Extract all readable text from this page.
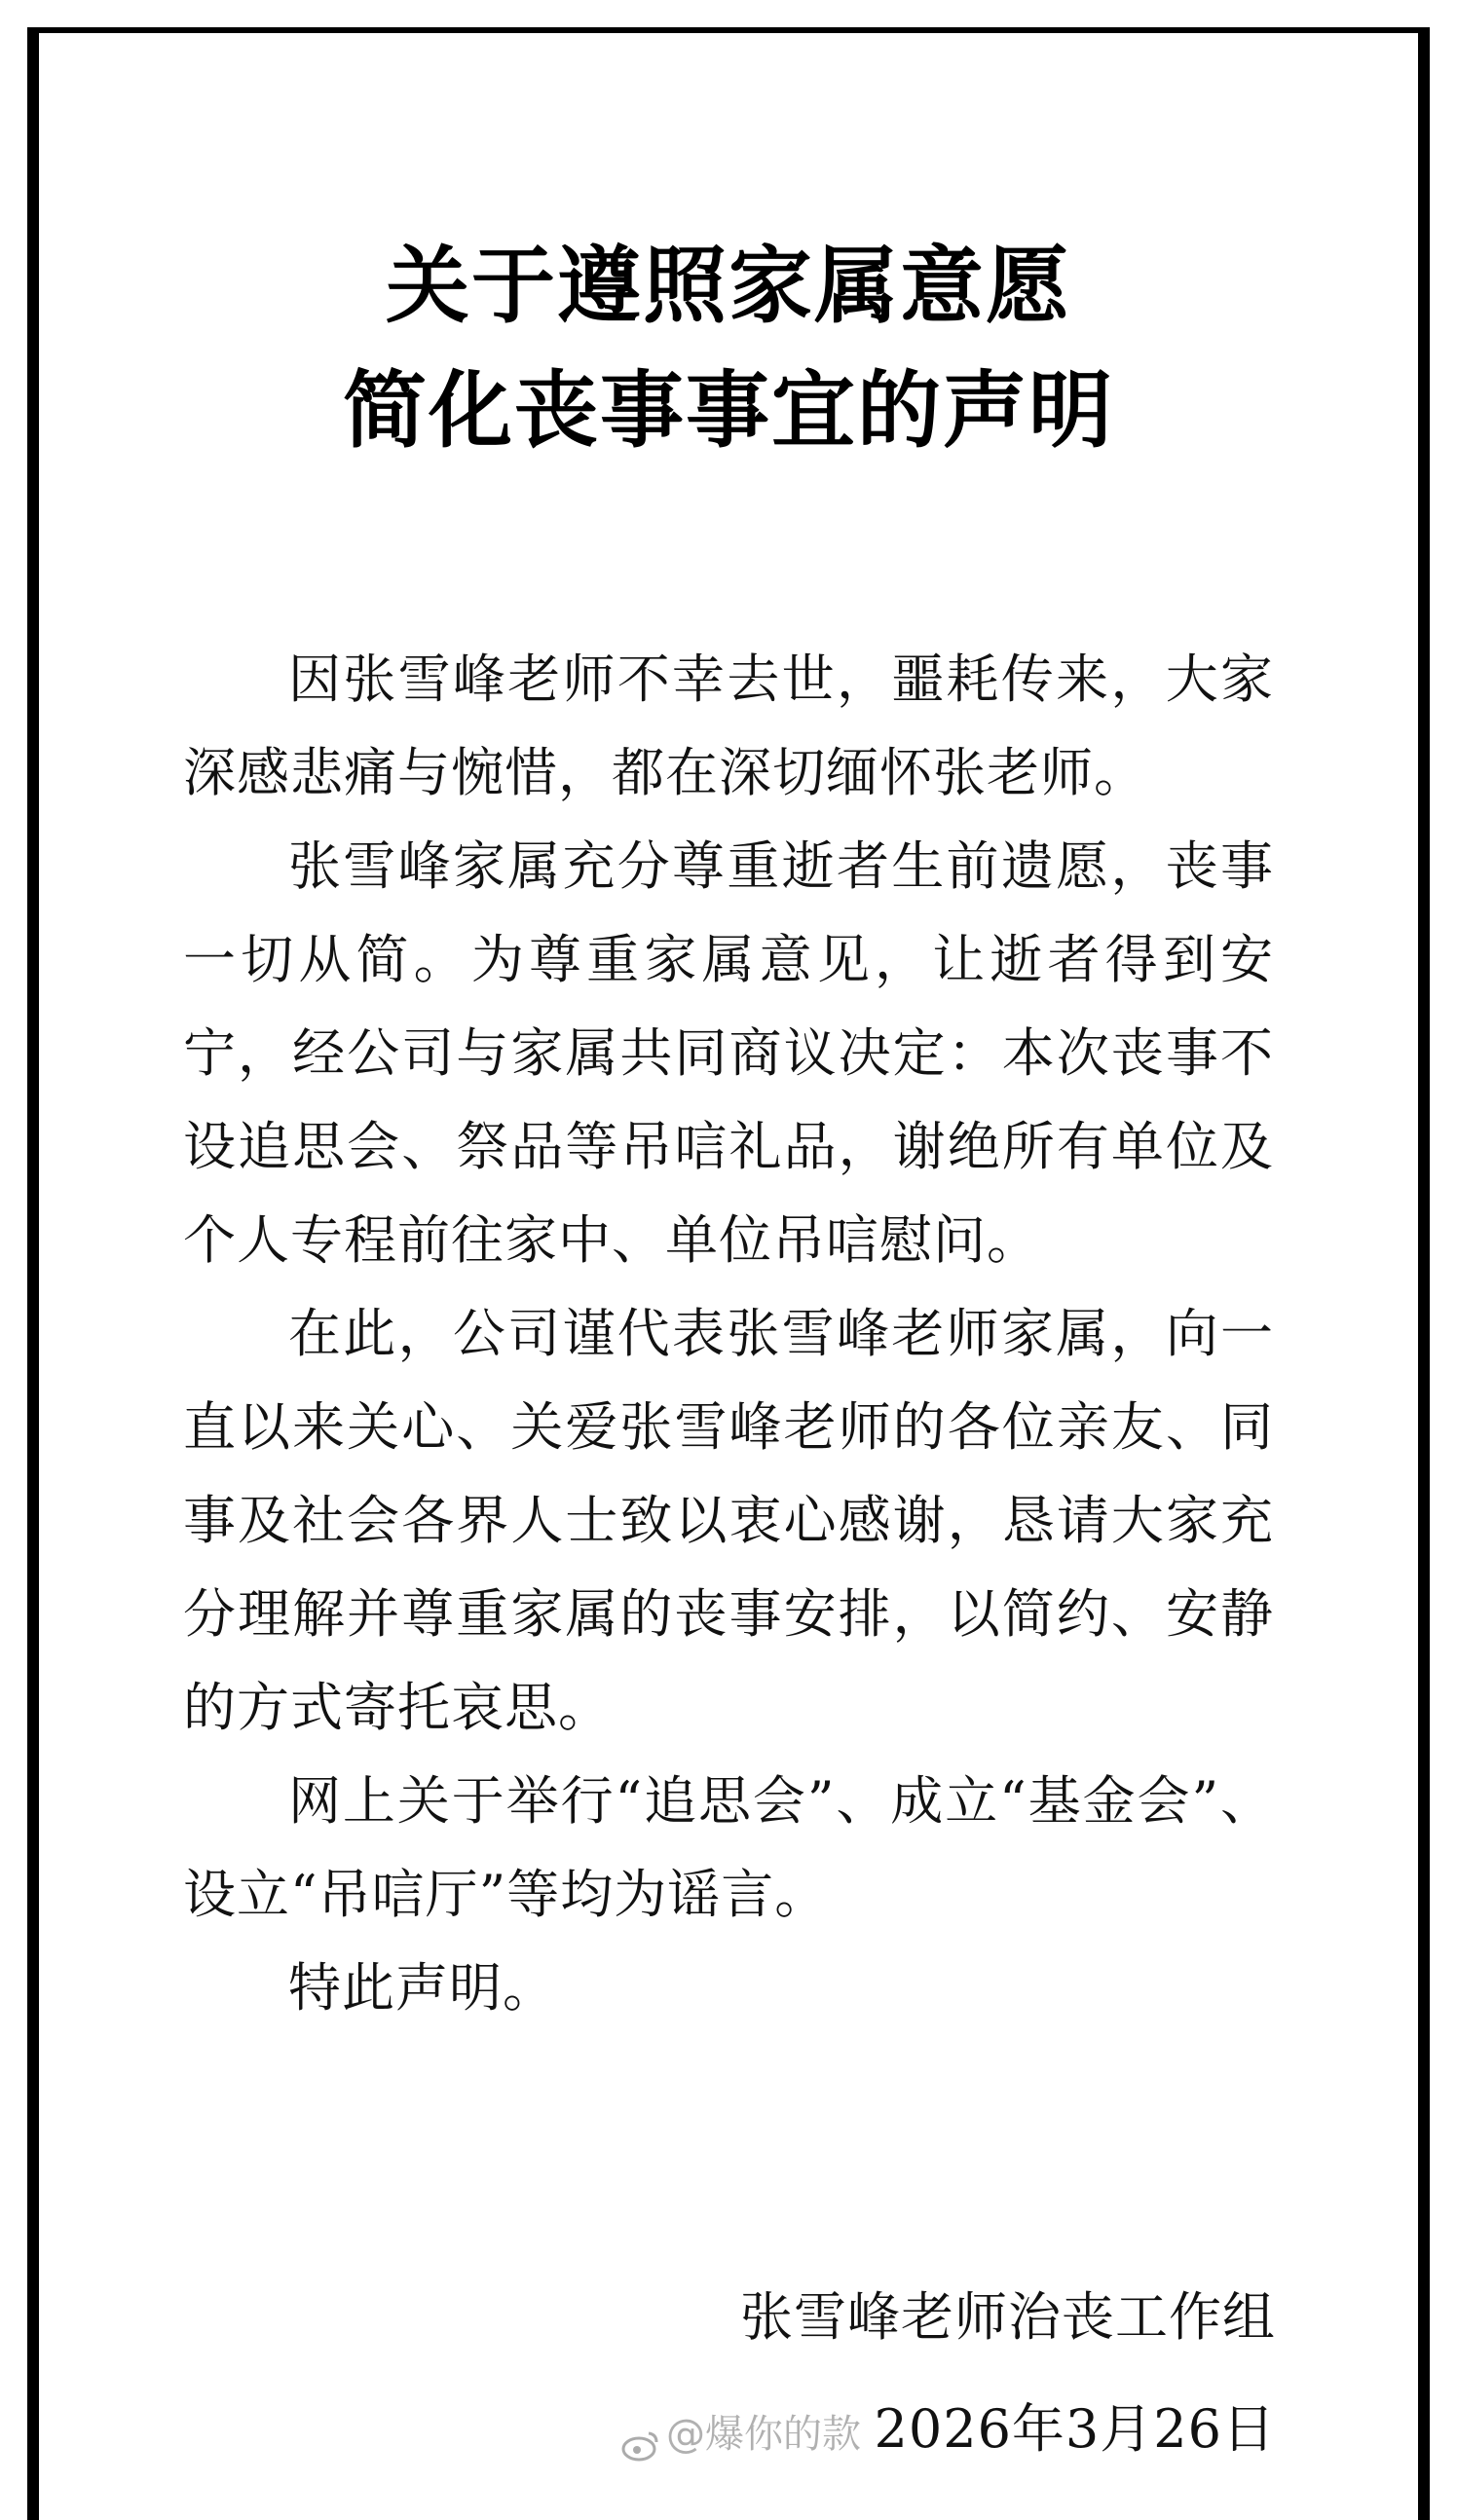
关于遵照家属意愿
简化丧事事宜的声明
因张雪峰老师不幸去世，噩耗传来，大家深感悲痛与惋惜，都在深切缅怀张老师。
张雪峰家属充分尊重逝者生前遗愿，丧事一切从简。为尊重家属意见，让逝者得到安宁，经公司与家属共同商议决定：本次丧事不设追思会、祭品等吊唁礼品，谢绝所有单位及个人专程前往家中、单位吊唁慰问。
在此，公司谨代表张雪峰老师家属，向一直以来关心、关爱张雪峰老师的各位亲友、同事及社会各界人士致以衷心感谢，恳请大家充分理解并尊重家属的丧事安排，以简约、安静的方式寄托哀思。
网上关于举行“追思会”、成立“基金会”、设立“吊唁厅”等均为谣言。
特此声明。
张雪峰老师治丧工作组
2026年3月26日
@爆你的款
